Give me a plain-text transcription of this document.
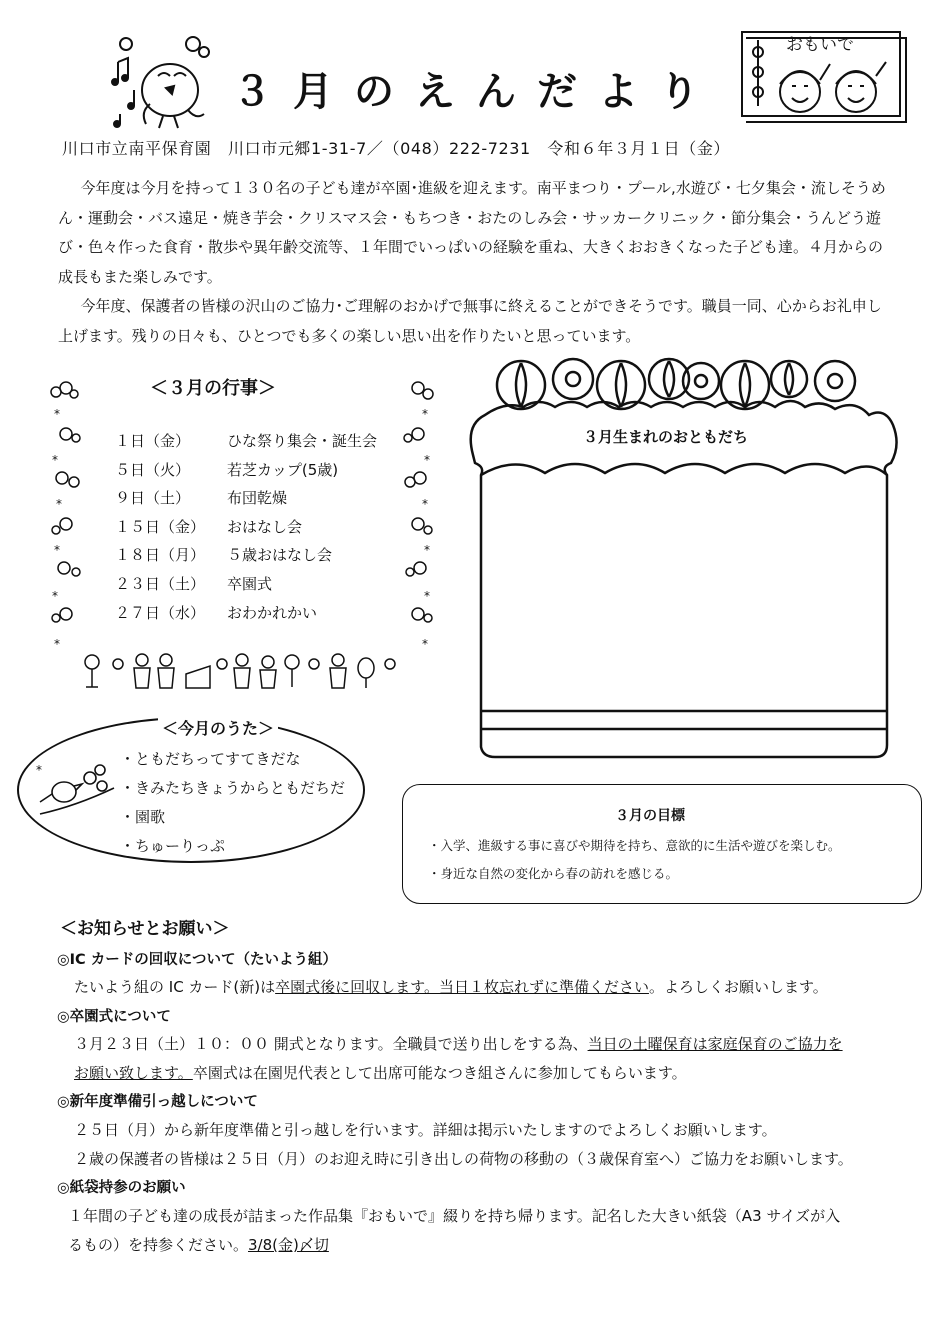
３月のえんだより
おもいで
川口市立南平保育園　川口市元郷1-31-7／（048）222-7231　令和６年３月１日（金）

今年度は今月を持って１３０名の子ども達が卒園･進級を迎えます。南平まつり・プール,水遊び・七夕集会・流しそうめん・運動会・バス遠足・焼き芋会・クリスマス会・もちつき・おたのしみ会・サッカークリニック・節分集会・うんどう遊び・色々作った食育・散歩や異年齢交流等、１年間でいっぱいの経験を重ね、大きくおおきくなった子ども達。４月からの成長もまた楽しみです。

今年度、保護者の皆様の沢山のご協力･ご理解のおかげで無事に終えることができそうです。職員一同、心からお礼申し上げます。残りの日々も、ひとつでも多くの楽しい思い出を作りたいと思っています。

*
*
*
*
*
*
*
*
*
*
*
*
＜３月の行事＞
１日（金） ひな祭り集会・誕生会
５日（火） 若芝カップ(5歳)
９日（土） 布団乾燥
１５日（金） おはなし会
１８日（月） ５歳おはなし会
２３日（土） 卒園式
２７日（水） おわかれかい
３月生まれのおともだち
＜今月のうた＞
*
・ともだちってすてきだな
・きみたちきょうからともだちだ
・園歌
・ちゅーりっぷ
３月の目標
・入学、進級する事に喜びや期待を持ち、意欲的に生活や遊びを楽しむ。
・身近な自然の変化から春の訪れを感じる。
＜お知らせとお願い＞
◎IC カードの回収について（たいよう組）
たいよう組の IC カード(新)は卒園式後に回収します。当日１枚忘れずに準備ください。よろしくお願いします。
◎卒園式について
３月２３日（土）１０：００ 開式となります。全職員で送り出しをする為、当日の土曜保育は家庭保育のご協力を
お願い致します。卒園式は在園児代表として出席可能なつき組さんに参加してもらいます。
◎新年度準備引っ越しについて
２５日（月）から新年度準備と引っ越しを行います。詳細は掲示いたしますのでよろしくお願いします。
２歳の保護者の皆様は２５日（月）のお迎え時に引き出しの荷物の移動の（３歳保育室へ）ご協力をお願いします。
◎紙袋持参のお願い
１年間の子ども達の成長が詰まった作品集『おもいで』綴りを持ち帰ります。記名した大きい紙袋（A3 サイズが入
るもの）を持参ください。3/8(金)〆切
